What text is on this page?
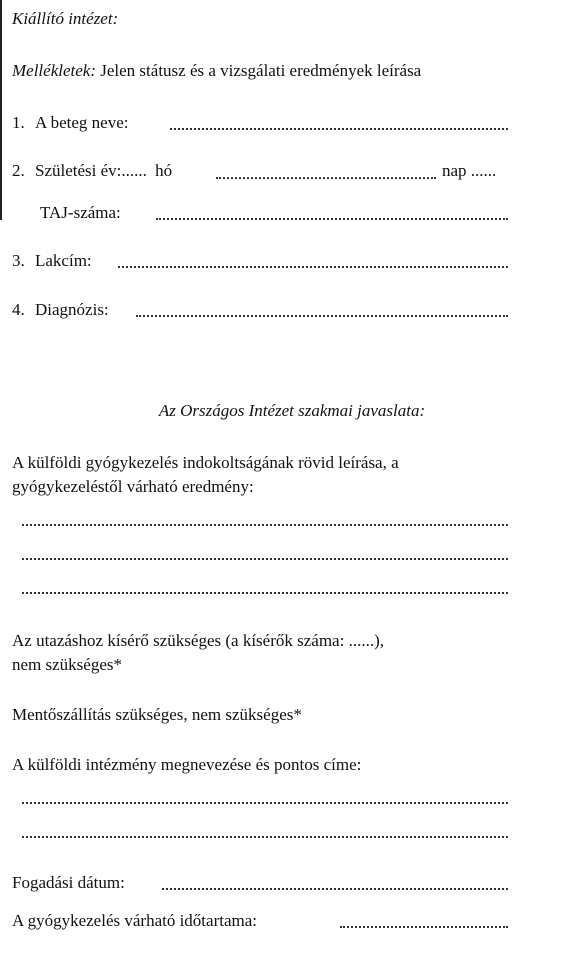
Kiállító intézet:
Mellékletek: Jelen státusz és a vizsgálati eredmények leírása
1. A beteg neve:
2. Születési év:...... hó	nap ......
TAJ-száma:
3. Lakcím:
4. Diagnózis:
Az Országos Intézet szakmai javaslata:
A külföldi gyógykezelés indokoltságának rövid leírása, a
gyógykezeléstől várható eredmény:
Az utazáshoz kísérő szükséges (a kísérők száma: ......),
nem szükséges*
Mentőszállítás szükséges, nem szükséges*
A külföldi intézmény megnevezése és pontos címe:
Fogadási dátum:
A gyógykezelés várható időtartama:
